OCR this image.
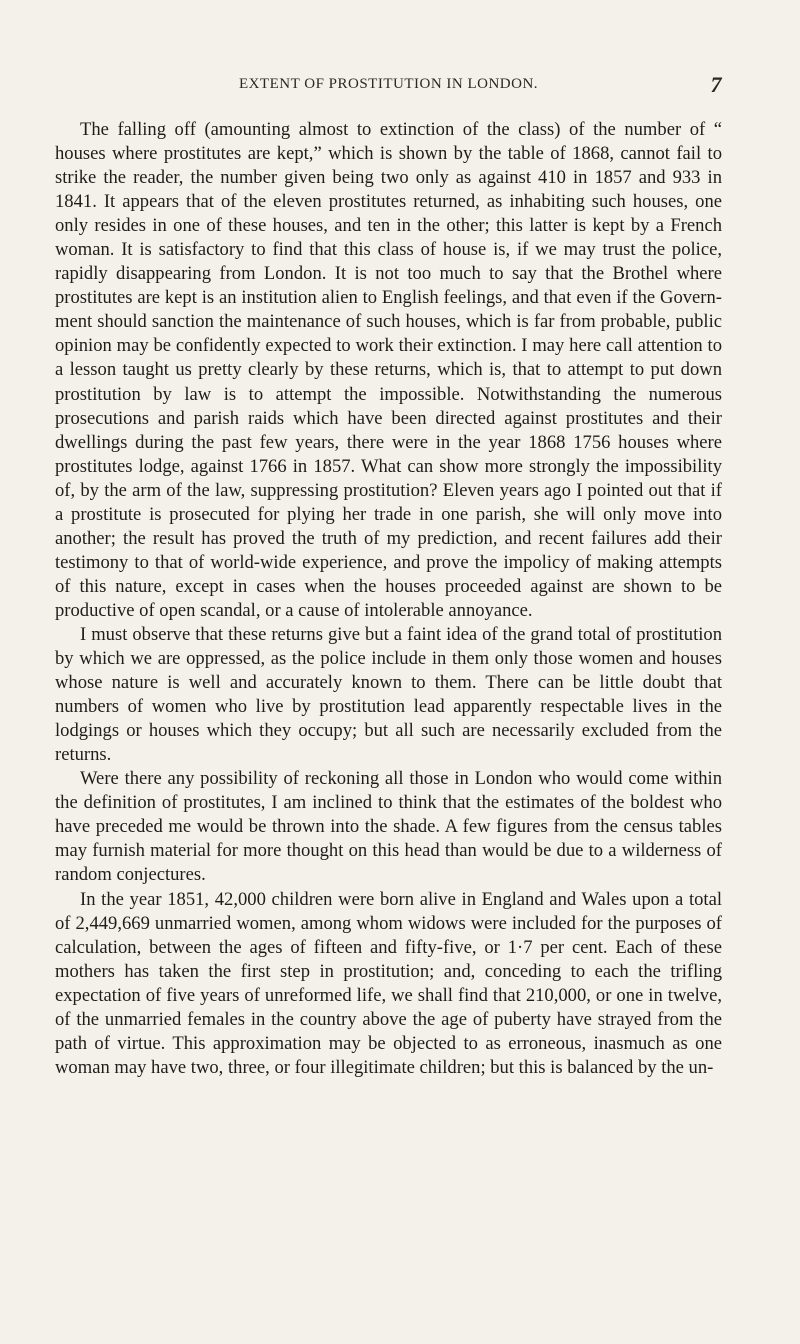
EXTENT OF PROSTITUTION IN LONDON.	7

The falling off (amounting almost to extinction of the class) of the number of “ houses where prostitutes are kept,” which is shown by the table of 1868, cannot fail to strike the reader, the number given being two only as against 410 in 1857 and 933 in 1841. It appears that of the eleven prostitutes returned, as inhabiting such houses, one only resides in one of these houses, and ten in the other; this latter is kept by a French woman. It is satisfactory to find that this class of house is, if we may trust the police, rapidly disappearing from London. It is not too much to say that the Brothel where prostitutes are kept is an institution alien to English feelings, and that even if the Government should sanction the maintenance of such houses, which is far from probable, public opinion may be confidently expected to work their extinction. I may here call attention to a lesson taught us pretty clearly by these returns, which is, that to attempt to put down prostitution by law is to attempt the impossible. Notwithstanding the numerous prosecutions and parish raids which have been directed against prostitutes and their dwellings during the past few years, there were in the year 1868 1756 houses where prostitutes lodge, against 1766 in 1857. What can show more strongly the impossibility of, by the arm of the law, suppressing prostitution? Eleven years ago I pointed out that if a prostitute is prosecuted for plying her trade in one parish, she will only move into another; the result has proved the truth of my prediction, and recent failures add their testimony to that of world-wide experience, and prove the impolicy of making attempts of this nature, except in cases when the houses proceeded against are shown to be productive of open scandal, or a cause of intolerable annoyance.

I must observe that these returns give but a faint idea of the grand total of prostitution by which we are oppressed, as the police include in them only those women and houses whose nature is well and accurately known to them. There can be little doubt that numbers of women who live by prostitution lead apparently respectable lives in the lodgings or houses which they occupy; but all such are necessarily excluded from the returns.

Were there any possibility of reckoning all those in London who would come within the definition of prostitutes, I am inclined to think that the estimates of the boldest who have preceded me would be thrown into the shade. A few figures from the census tables may furnish material for more thought on this head than would be due to a wilderness of random conjectures.

In the year 1851, 42,000 children were born alive in England and Wales upon a total of 2,449,669 unmarried women, among whom widows were included for the purposes of calculation, between the ages of fifteen and fifty-five, or 1·7 per cent. Each of these mothers has taken the first step in prostitution; and, conceding to each the trifling expectation of five years of unreformed life, we shall find that 210,000, or one in twelve, of the unmarried females in the country above the age of puberty have strayed from the path of virtue. This approximation may be objected to as erroneous, inasmuch as one woman may have two, three, or four illegitimate children; but this is balanced by the un-
